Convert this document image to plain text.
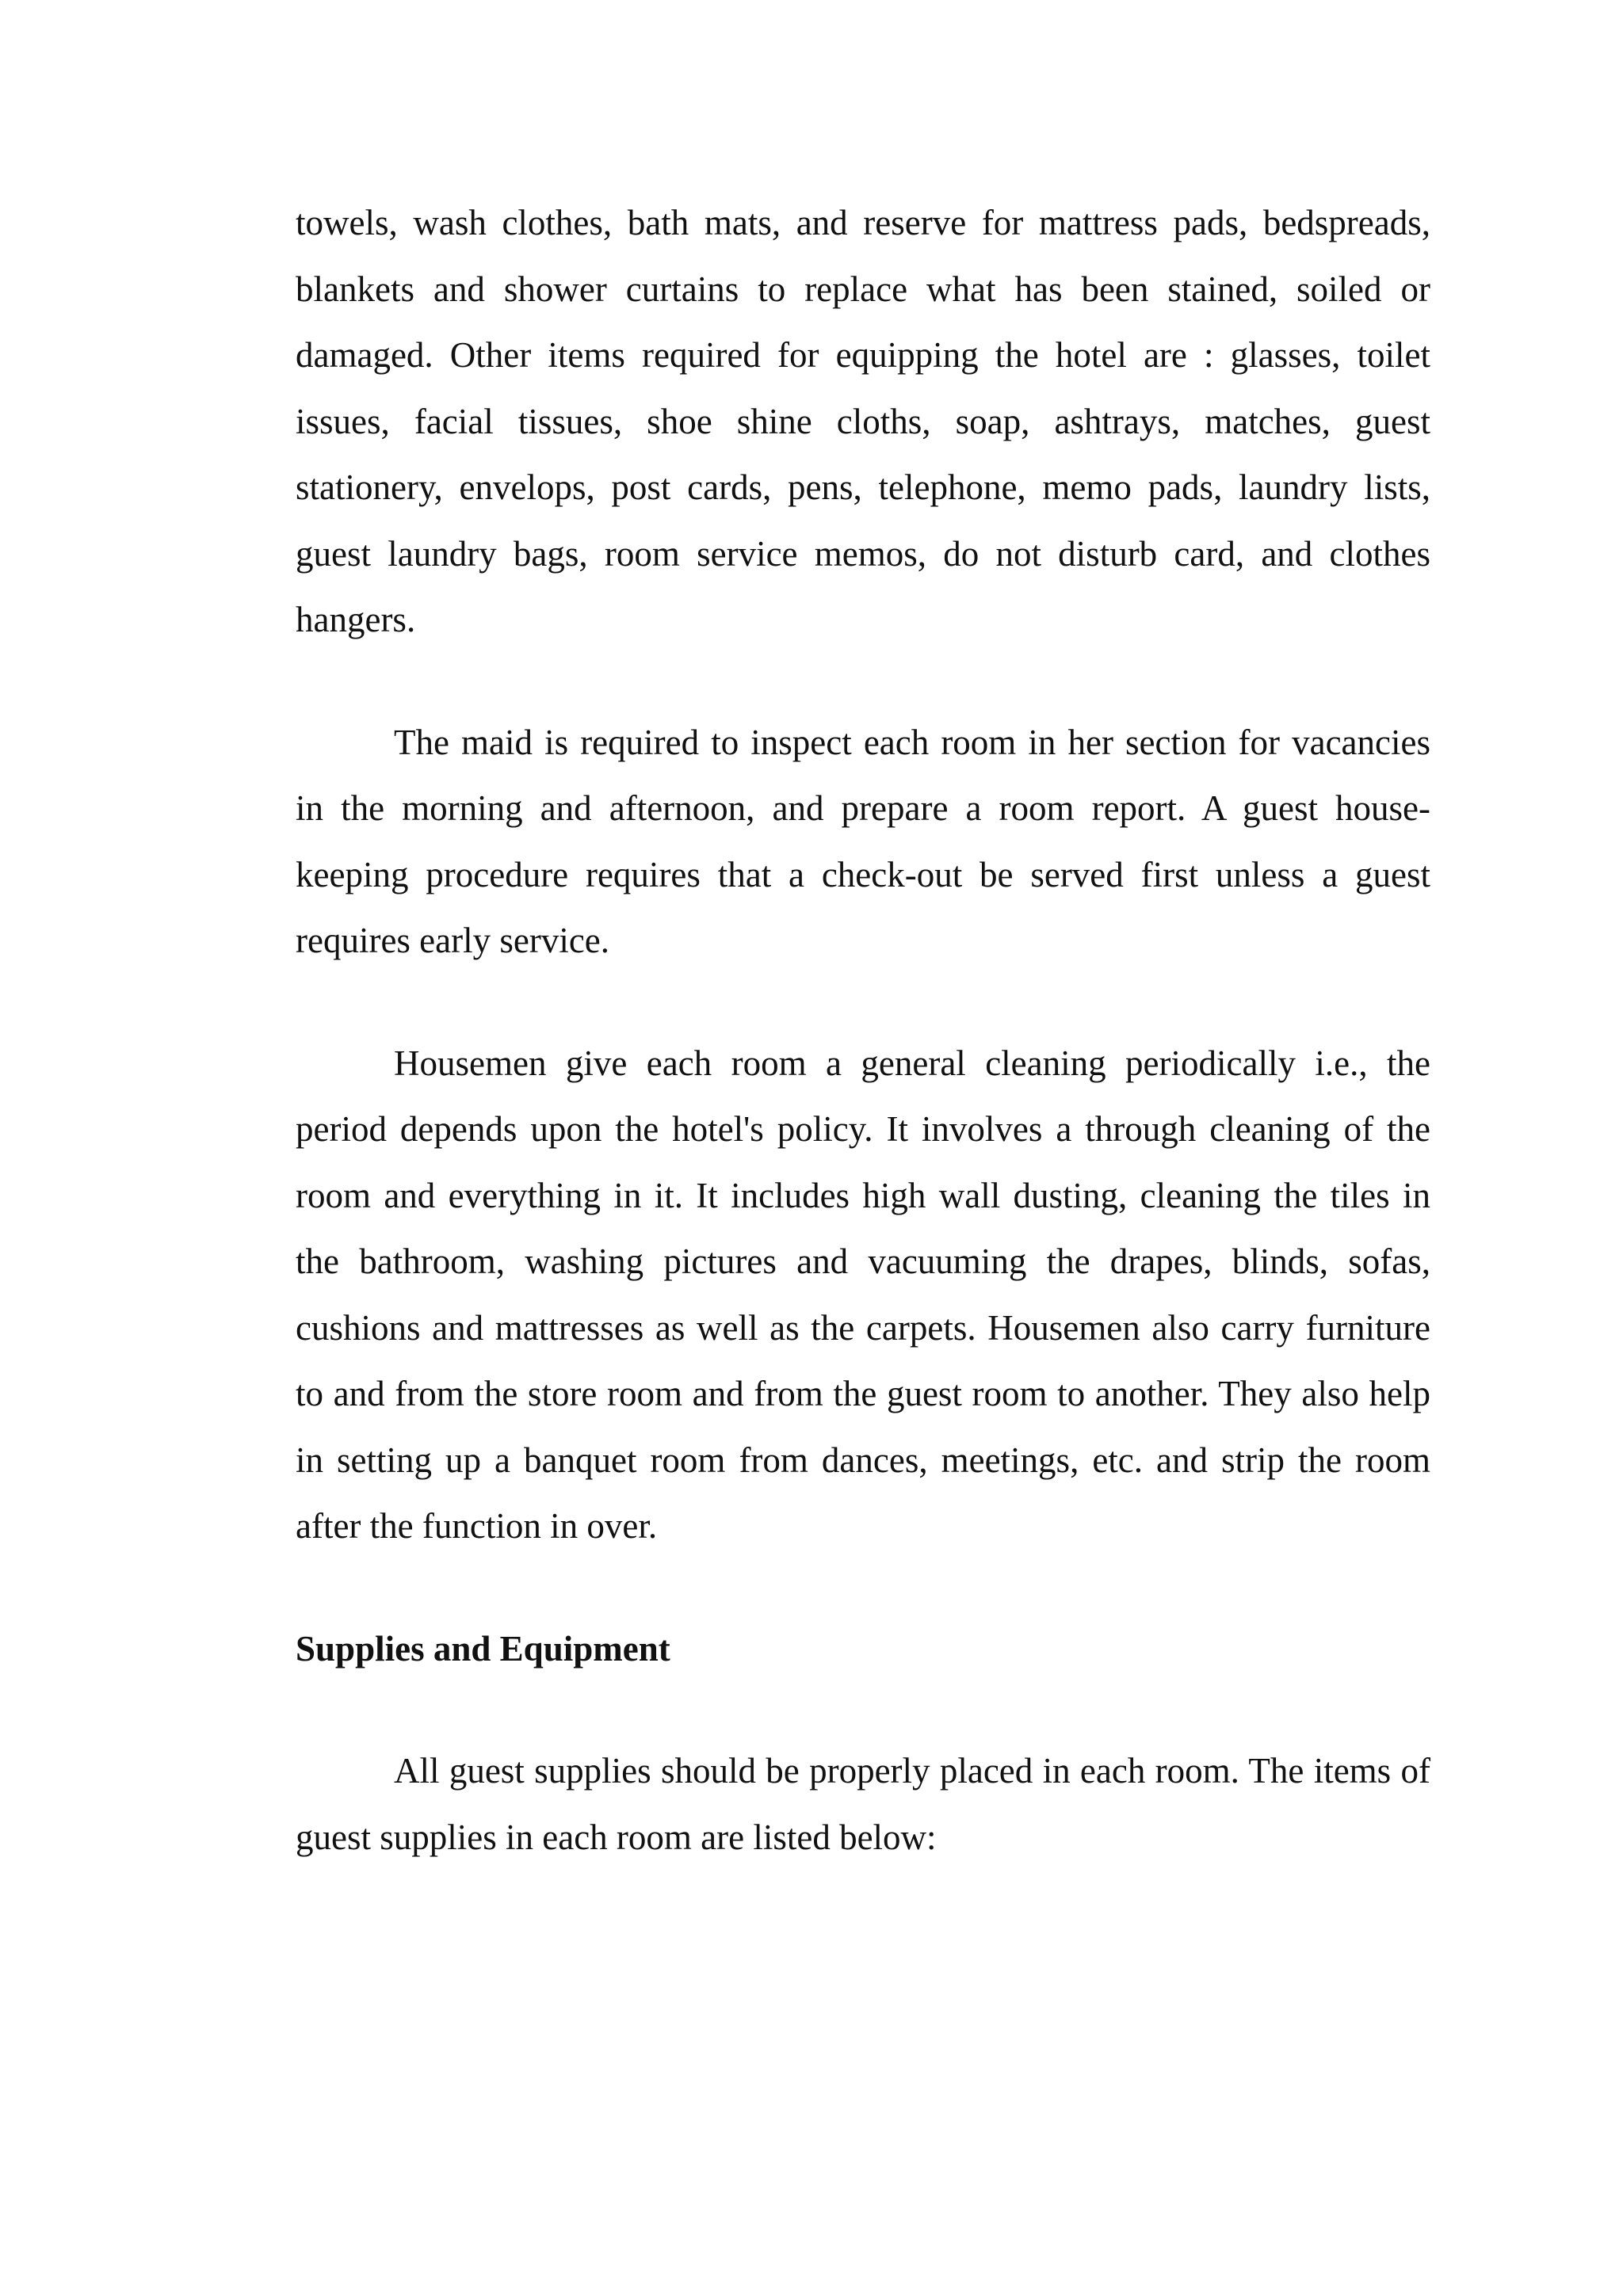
towels, wash clothes, bath mats, and reserve for mattress pads, bedspreads, blankets and shower curtains to replace what has been stained, soiled or damaged. Other items required for equipping the hotel are : glasses, toilet issues, facial tissues, shoe shine cloths, soap, ashtrays, matches, guest stationery, envelops, post cards, pens, telephone, memo pads, laundry lists, guest laundry bags, room service memos, do not disturb card, and clothes hangers.

The maid is required to inspect each room in her section for vacancies in the morning and afternoon, and prepare a room report. A guest house-keeping procedure requires that a check-out be served first unless a guest requires early service.

Housemen give each room a general cleaning periodically i.e., the period depends upon the hotel's policy. It involves a through cleaning of the room and everything in it. It includes high wall dusting, cleaning the tiles in the bathroom, washing pictures and vacuuming the drapes, blinds, sofas, cushions and mattresses as well as the carpets. Housemen also carry furniture to and from the store room and from the guest room to another. They also help in setting up a banquet room from dances, meetings, etc. and strip the room after the function in over.

Supplies and Equipment

All guest supplies should be properly placed in each room. The items of guest supplies in each room are listed below:
